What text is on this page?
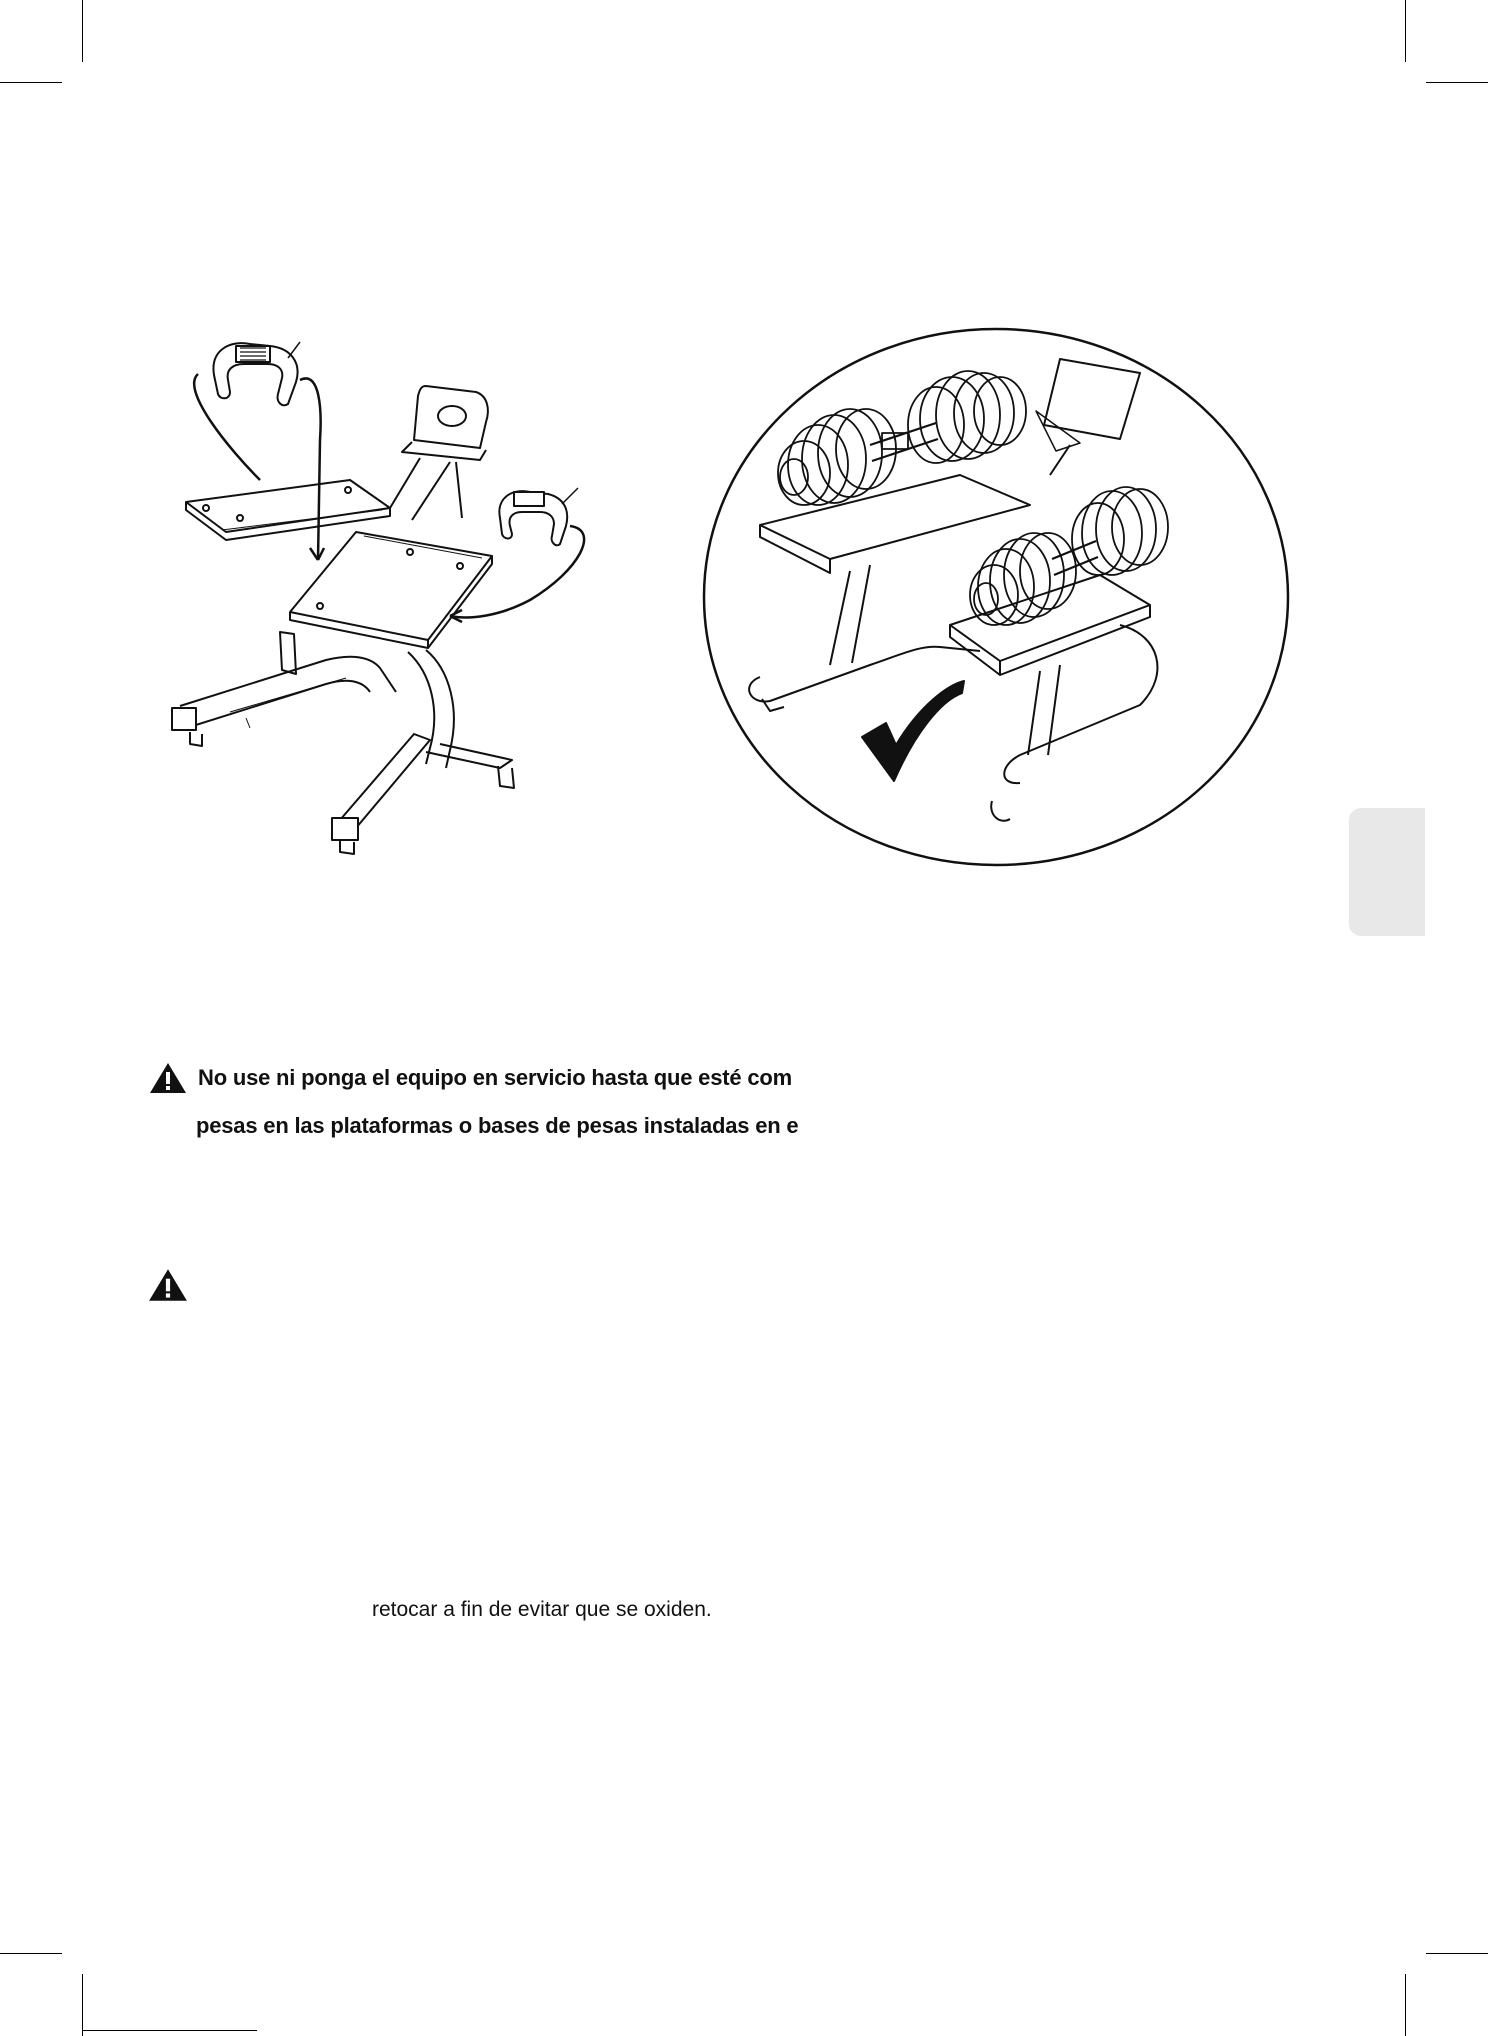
No use ni ponga el equipo en servicio hasta que esté com
pesas en las plataformas o bases de pesas instaladas en e
retocar a fin de evitar que se oxiden.
